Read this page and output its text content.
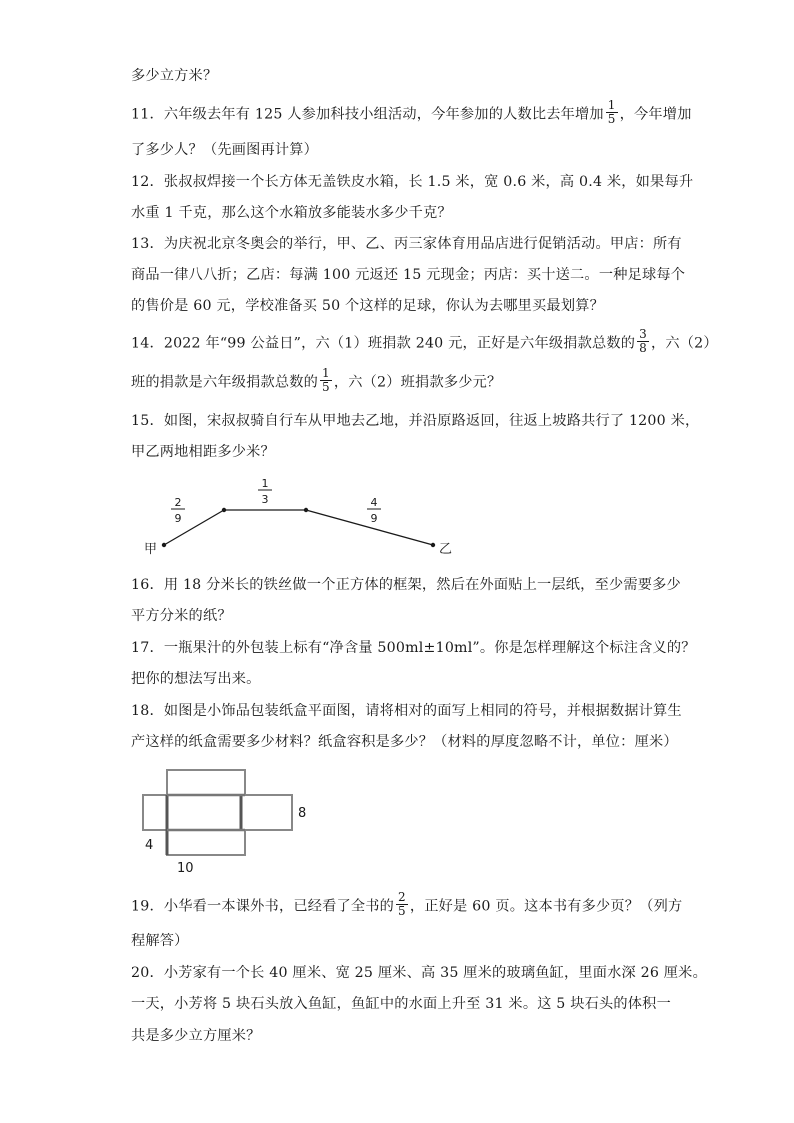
多少立方米？
11．六年级去年有 125 人参加科技小组活动，今年参加的人数比去年增加 $\frac{1}{5}$ ，今年增加
了多少人？（先画图再计算）
12．张叔叔焊接一个长方体无盖铁皮水箱，长 1.5 米，宽 0.6 米，高 0.4 米，如果每升
水重 1 千克，那么这个水箱放多能装水多少千克？
13．为庆祝北京冬奥会的举行，甲、乙、丙三家体育用品店进行促销活动。甲店：所有
商品一律八八折；乙店：每满 100 元返还 15 元现金；丙店：买十送二。一种足球每个
的售价是 60 元，学校准备买 50 个这样的足球，你认为去哪里买最划算？
14．2022 年“99 公益日”，六（1）班捐款 240 元，正好是六年级捐款总数的 $\frac{3}{8}$ ，六（2）
班的捐款是六年级捐款总数的 $\frac{1}{5}$ ，六（2）班捐款多少元？
15．如图，宋叔叔骑自行车从甲地去乙地，并沿原路返回，往返上坡路共行了 1200 米，
甲乙两地相距多少米？
甲	乙
2
9
1
3	4
9
16．用 18 分米长的铁丝做一个正方体的框架，然后在外面贴上一层纸，至少需要多少
平方分米的纸？
17．一瓶果汁的外包装上标有“净含量 500ml±10ml”。你是怎样理解这个标注含义的？
把你的想法写出来。
18．如图是小饰品包装纸盒平面图，请将相对的面写上相同的符号，并根据数据计算生
产这样的纸盒需要多少材料？纸盒容积是多少？（材料的厚度忽略不计，单位：厘米）
8
4
10
19．小华看一本课外书，已经看了全书的 $\frac{2}{5}$ ，正好是 60 页。这本书有多少页？（列方
程解答）
20．小芳家有一个长 40 厘米、宽 25 厘米、高 35 厘米的玻璃鱼缸，里面水深 26 厘米。
一天，小芳将 5 块石头放入鱼缸，鱼缸中的水面上升至 31 米。这 5 块石头的体积一
共是多少立方厘米？
